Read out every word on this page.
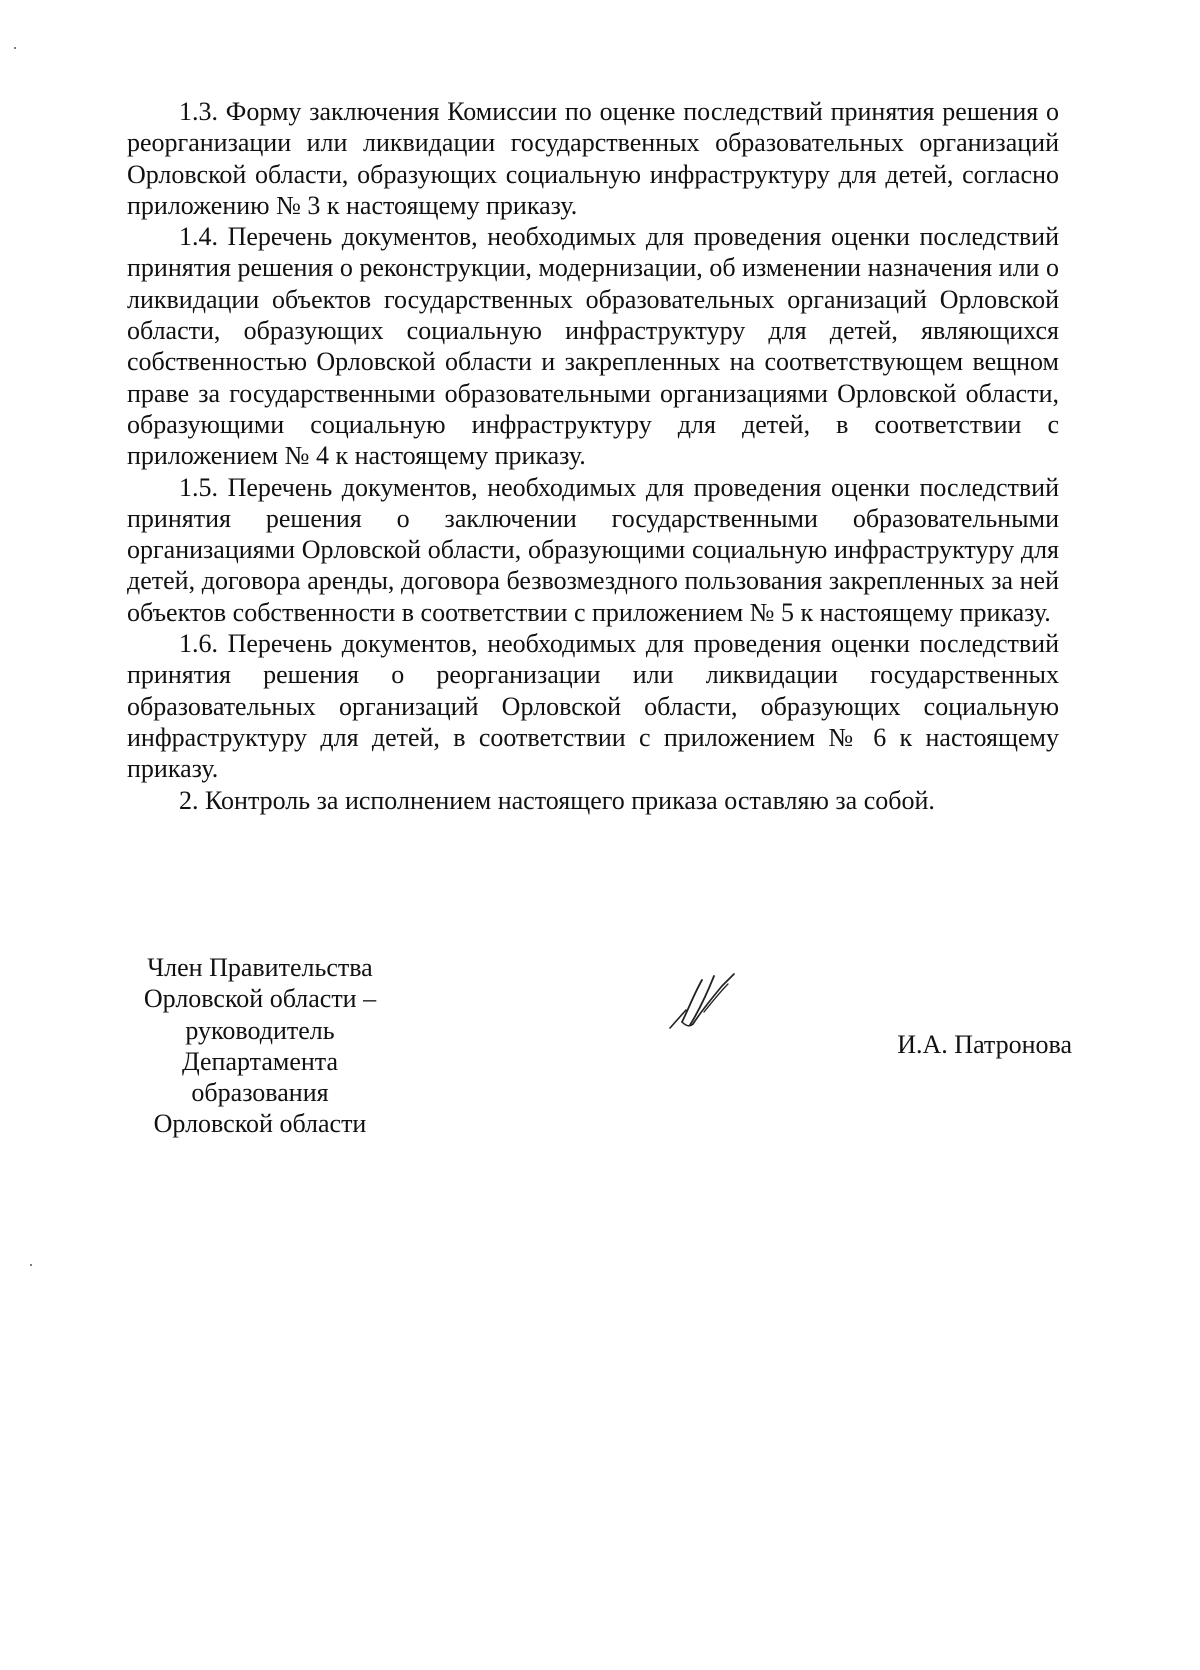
1.3. Форму заключения Комиссии по оценке последствий принятия решения о реорганизации или ликвидации государственных образовательных организаций Орловской области, образующих социальную инфраструктуру для детей, согласно приложению № 3 к настоящему приказу.

1.4. Перечень документов, необходимых для проведения оценки последствий принятия решения о реконструкции, модернизации, об изменении назначения или о ликвидации объектов государственных образовательных организаций Орловской области, образующих социальную инфраструктуру для детей, являющихся собственностью Орловской области и закрепленных на соответствующем вещном праве за государственными образовательными организациями Орловской области, образующими социальную инфраструктуру для детей, в соответствии с приложением № 4 к настоящему приказу.

1.5. Перечень документов, необходимых для проведения оценки последствий принятия решения о заключении государственными образовательными организациями Орловской области, образующими социальную инфраструктуру для детей, договора аренды, договора безвозмездного пользования закрепленных за ней объектов собственности в соответствии с приложением № 5 к настоящему приказу.

1.6. Перечень документов, необходимых для проведения оценки последствий принятия решения о реорганизации или ликвидации государственных образовательных организаций Орловской области, образующих социальную инфраструктуру для детей, в соответствии с приложением № 6 к настоящему приказу.

2. Контроль за исполнением настоящего приказа оставляю за собой.

Член Правительства
Орловской области –
руководитель
Департамента
образования
Орловской области
И.А. Патронова
